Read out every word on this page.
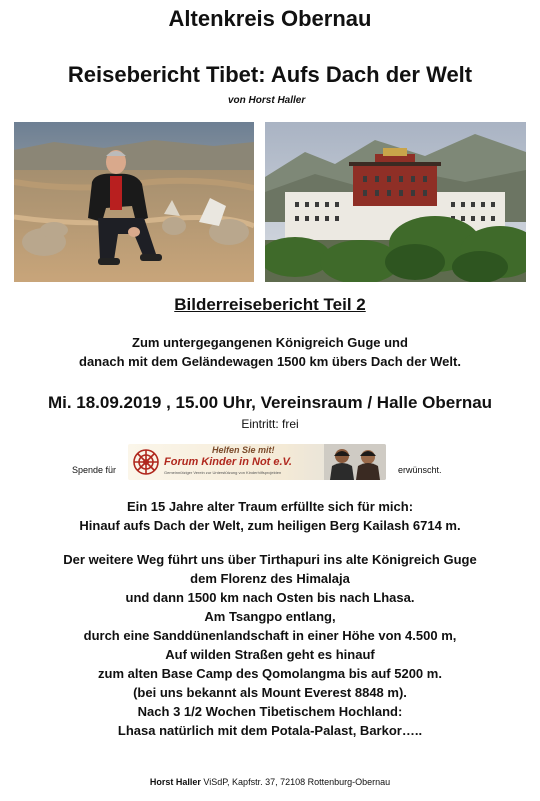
Altenkreis Obernau
Reisebericht Tibet: Aufs Dach der Welt
von Horst Haller
Bilderreisebericht Teil 2
Zum untergegangenen Königreich Guge und
danach mit dem Geländewagen 1500 km übers Dach der Welt.
Mi. 18.09.2019 , 15.00 Uhr, Vereinsraum / Halle Obernau
Eintritt: frei
Spende für
Helfen Sie mit!
Forum Kinder in Not e.V.
Gemeinnütziger Verein zur Unterstützung von Kinderhilfsprojekten	erwünscht.

Ein 15 Jahre alter Traum erfüllte sich für mich:

Hinauf aufs Dach der Welt, zum heiligen Berg Kailash 6714 m.

Der weitere Weg führt uns über Tirthapuri ins alte Königreich Guge

dem Florenz des Himalaja

und dann 1500 km nach Osten bis nach Lhasa.

Am Tsangpo entlang,

durch eine Sanddünenlandschaft in einer Höhe von 4.500 m,

Auf wilden Straßen geht es hinauf

zum alten Base Camp des Qomolangma bis auf 5200 m.

(bei uns bekannt als Mount Everest 8848 m).

Nach 3 1/2 Wochen Tibetischem Hochland:

Lhasa natürlich mit dem Potala-Palast, Barkor…..

Horst Haller ViSdP, Kapfstr. 37, 72108 Rottenburg-Obernau
